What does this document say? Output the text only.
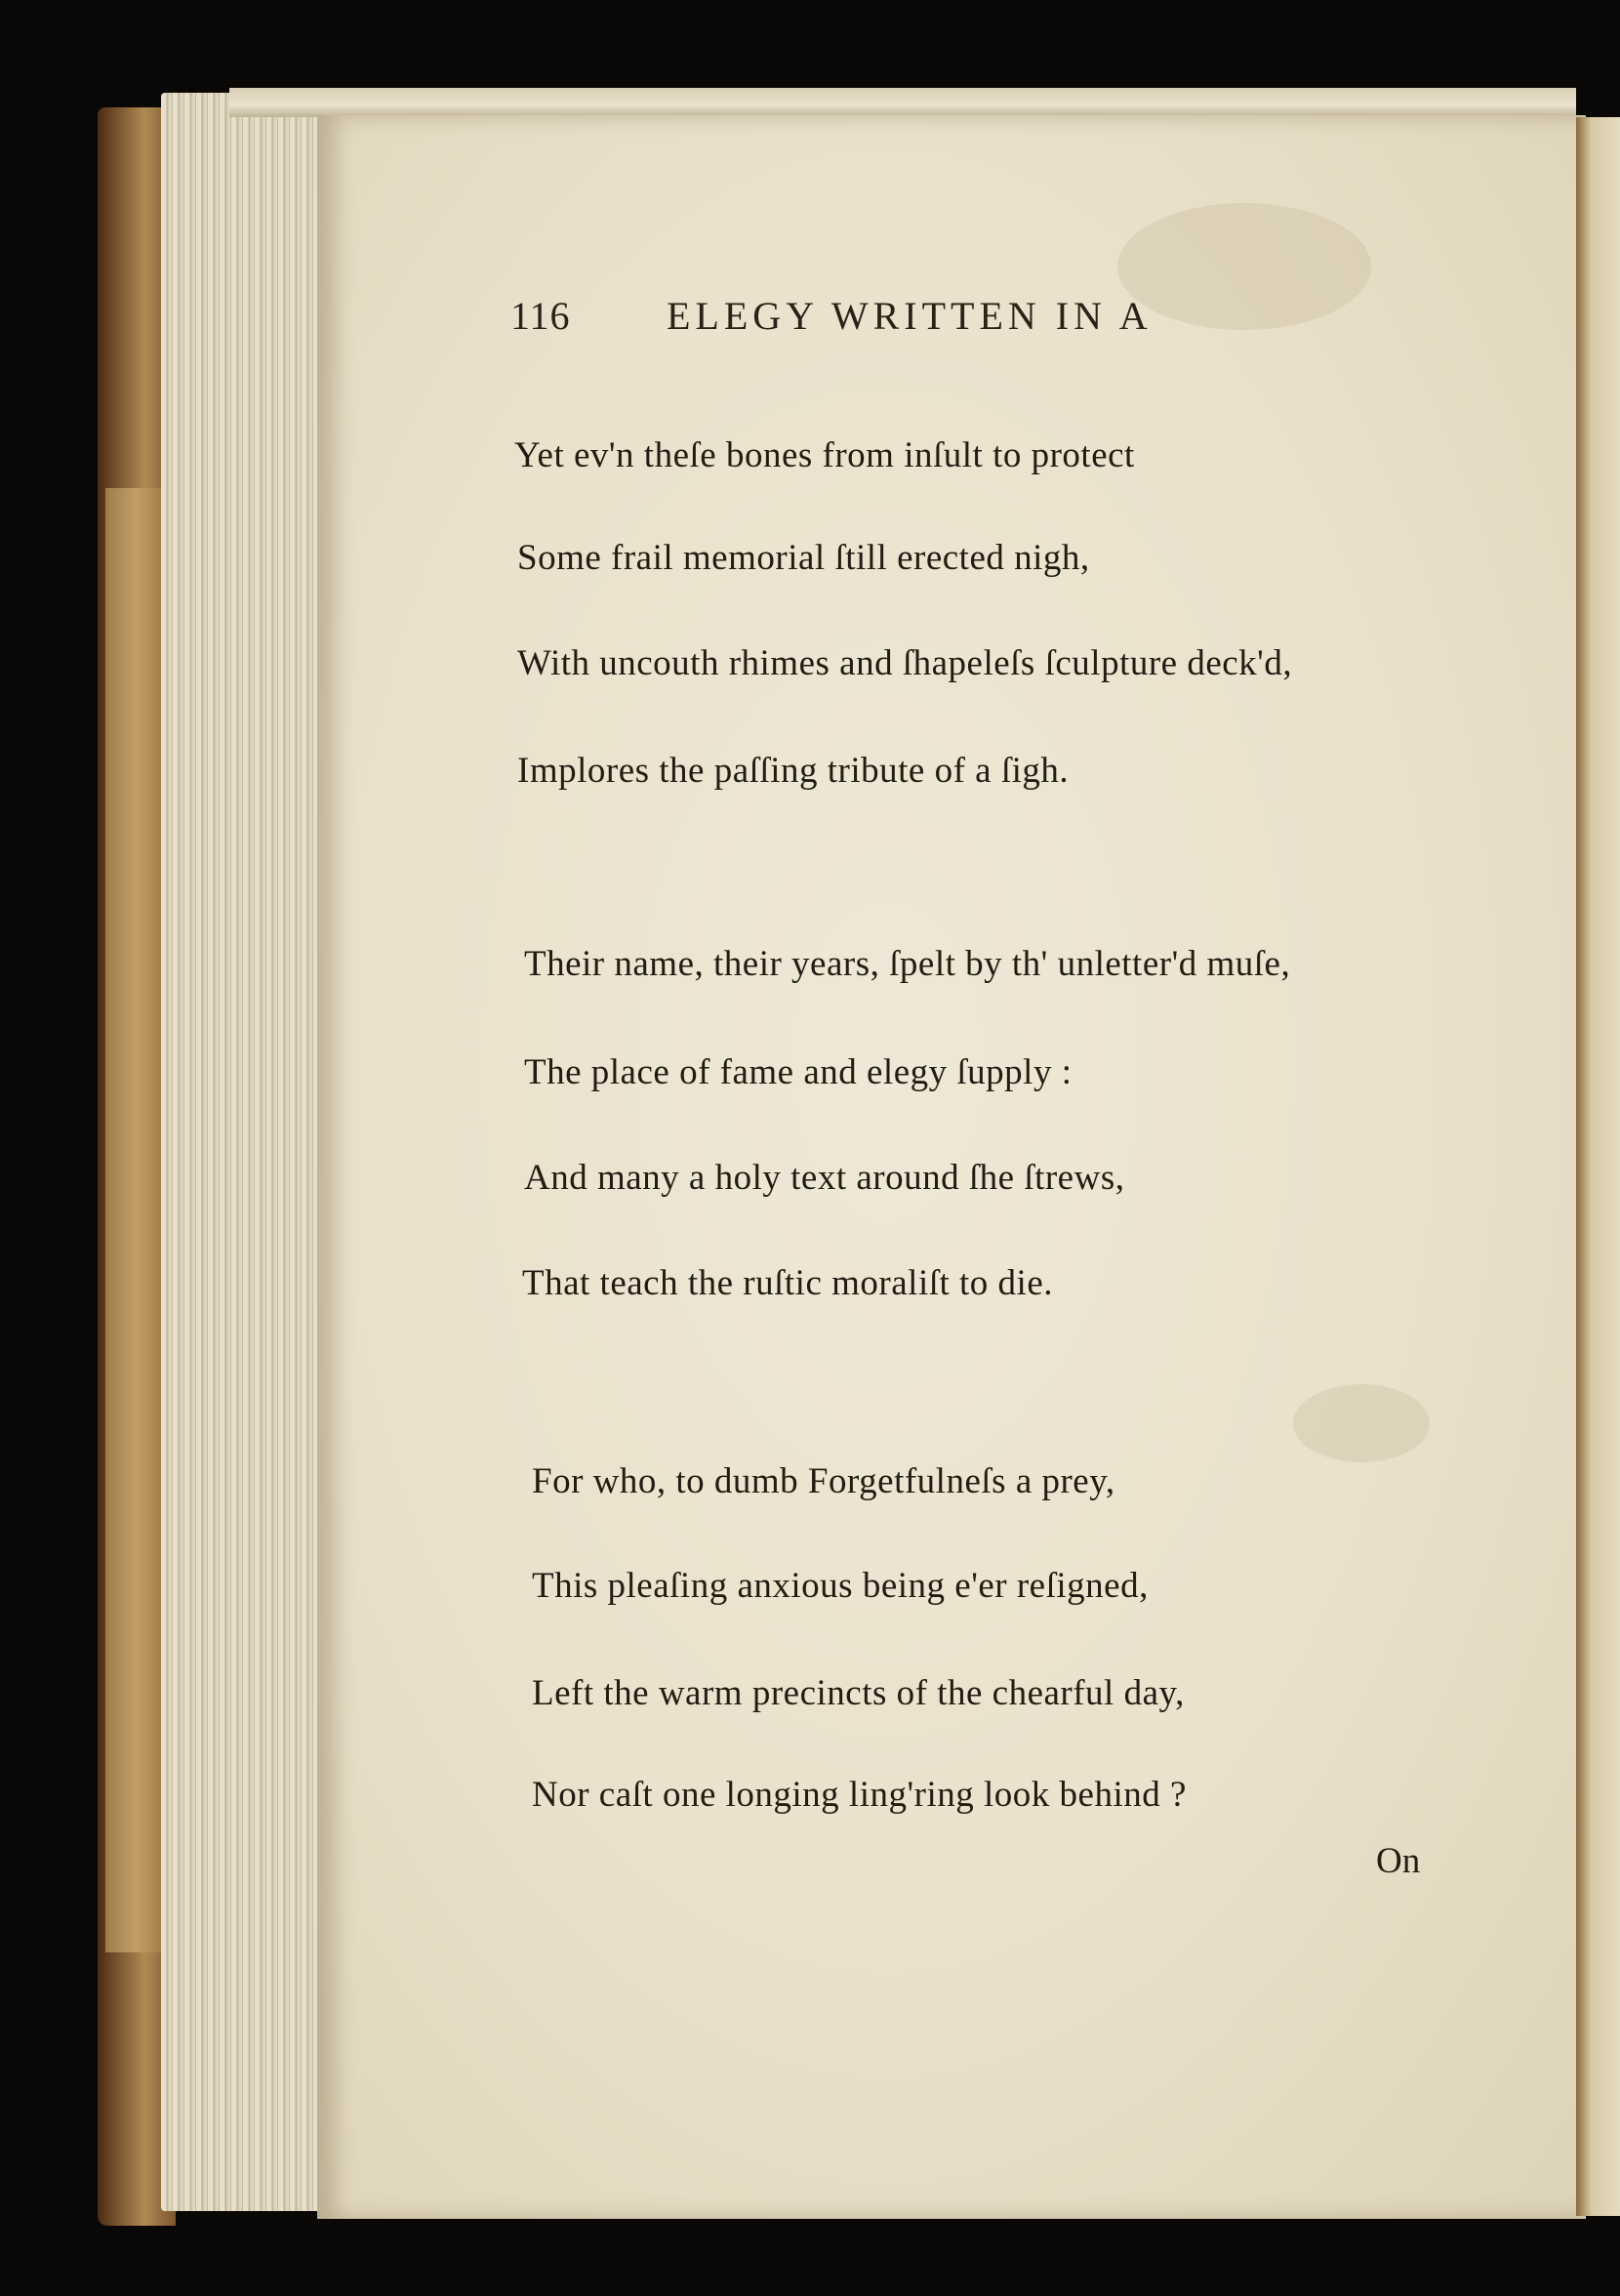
116 ELEGY WRITTEN IN A
Yet ev'n theſe bones from inſult to protect
Some frail memorial ſtill erected nigh,
With uncouth rhimes and ſhapeleſs ſculpture deck'd,
Implores the paſſing tribute of a ſigh.
Their name, their years, ſpelt by th' unletter'd muſe,
The place of fame and elegy ſupply :
And many a holy text around ſhe ſtrews,
That teach the ruſtic moraliſt to die.
For who, to dumb Forgetfulneſs a prey,
This pleaſing anxious being e'er reſigned,
Left the warm precincts of the chearful day,
Nor caſt one longing ling'ring look behind ?
On
